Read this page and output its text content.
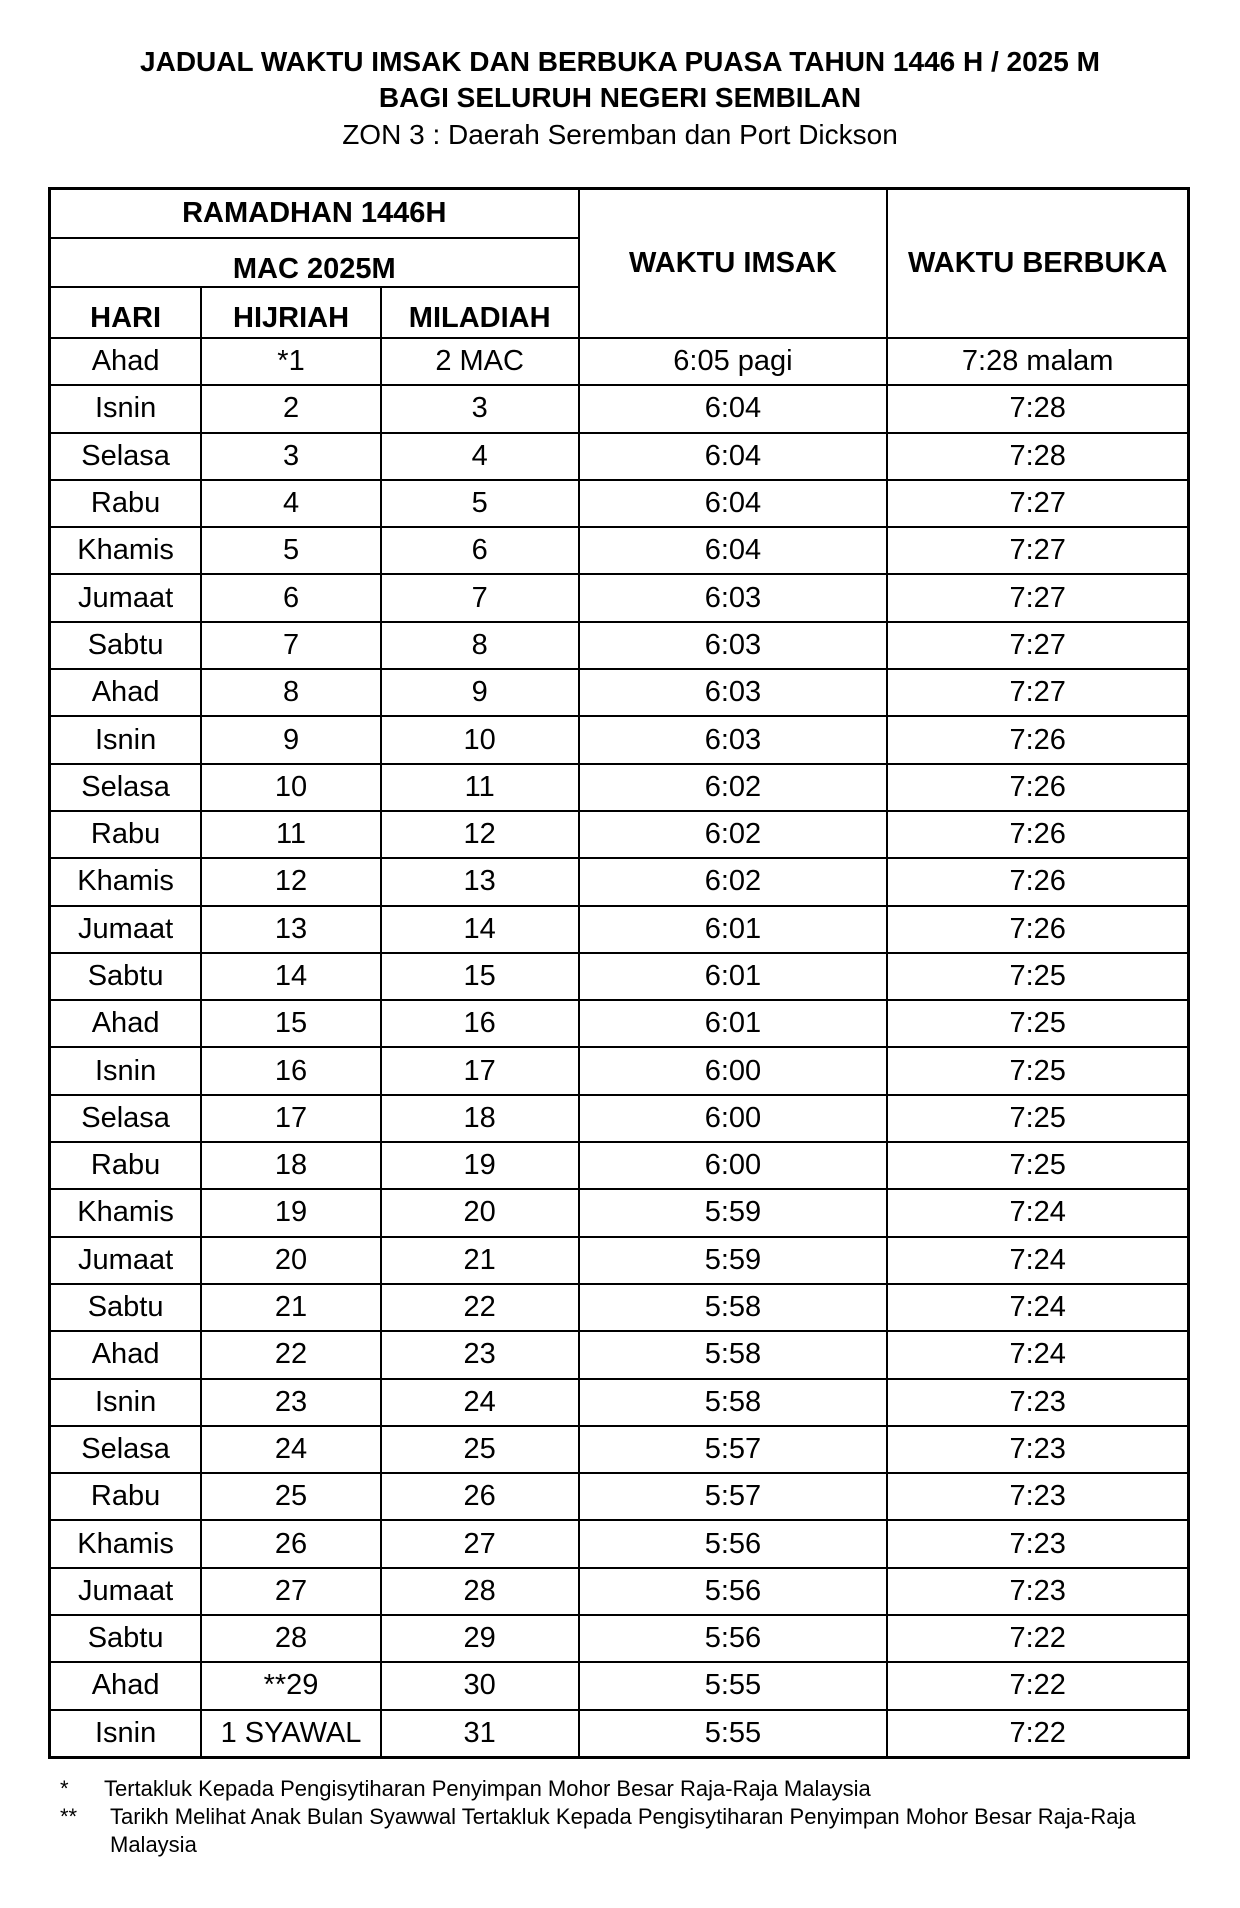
JADUAL WAKTU IMSAK DAN BERBUKA PUASA TAHUN 1446 H / 2025 M
BAGI SELURUH NEGERI SEMBILAN
ZON 3 : Daerah Seremban dan Port Dickson
RAMADHAN 1446H			WAKTU IMSAK	WAKTU BERBUKA
MAC 2025M				
HARI	HIJRIAH	MILADIAH		
Ahad	*1	2 MAC	6:05 pagi	7:28 malam
Isnin	2	3	6:04	7:28
Selasa	3	4	6:04	7:28
Rabu	4	5	6:04	7:27
Khamis	5	6	6:04	7:27
Jumaat	6	7	6:03	7:27
Sabtu	7	8	6:03	7:27
Ahad	8	9	6:03	7:27
Isnin	9	10	6:03	7:26
Selasa	10	11	6:02	7:26
Rabu	11	12	6:02	7:26
Khamis	12	13	6:02	7:26
Jumaat	13	14	6:01	7:26
Sabtu	14	15	6:01	7:25
Ahad	15	16	6:01	7:25
Isnin	16	17	6:00	7:25
Selasa	17	18	6:00	7:25
Rabu	18	19	6:00	7:25
Khamis	19	20	5:59	7:24
Jumaat	20	21	5:59	7:24
Sabtu	21	22	5:58	7:24
Ahad	22	23	5:58	7:24
Isnin	23	24	5:58	7:23
Selasa	24	25	5:57	7:23
Rabu	25	26	5:57	7:23
Khamis	26	27	5:56	7:23
Jumaat	27	28	5:56	7:23
Sabtu	28	29	5:56	7:22
Ahad	**29	30	5:55	7:22
Isnin	1 SYAWAL	31	5:55	7:22
*	Tertakluk Kepada Pengisytiharan Penyimpan Mohor Besar Raja-Raja Malaysia
**	Tarikh Melihat Anak Bulan Syawwal Tertakluk Kepada Pengisytiharan Penyimpan Mohor Besar Raja-Raja Malaysia
